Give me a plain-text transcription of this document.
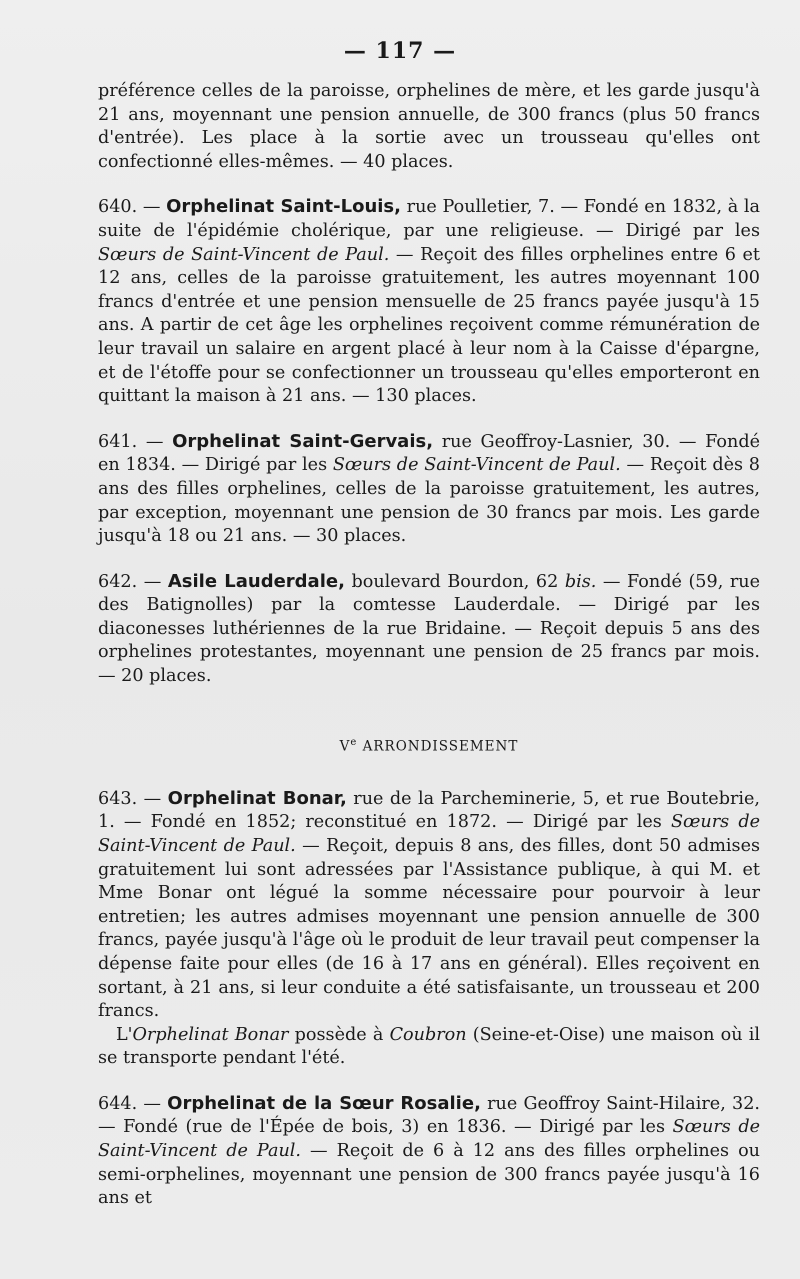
— 117 —

préférence celles de la paroisse, orphelines de mère, et les garde jusqu'à 21 ans, moyennant une pension annuelle, de 300 francs (plus 50 francs d'entrée). Les place à la sortie avec un trousseau qu'elles ont confectionné elles-mêmes. — 40 places.

640. — Orphelinat Saint-Louis, rue Poulletier, 7. — Fondé en 1832, à la suite de l'épidémie cholérique, par une religieuse. — Dirigé par les Sœurs de Saint-Vincent de Paul. — Reçoit des filles orphelines entre 6 et 12 ans, celles de la paroisse gratuitement, les autres moyennant 100 francs d'entrée et une pension mensuelle de 25 francs payée jusqu'à 15 ans. A partir de cet âge les orphelines reçoivent comme rémunération de leur travail un salaire en argent placé à leur nom à la Caisse d'épargne, et de l'étoffe pour se confectionner un trousseau qu'elles emporteront en quittant la maison à 21 ans. — 130 places.

641. — Orphelinat Saint-Gervais, rue Geoffroy-Lasnier, 30. — Fondé en 1834. — Dirigé par les Sœurs de Saint-Vincent de Paul. — Reçoit dès 8 ans des filles orphelines, celles de la paroisse gratuitement, les autres, par exception, moyennant une pension de 30 francs par mois. Les garde jusqu'à 18 ou 21 ans. — 30 places.

642. — Asile Lauderdale, boulevard Bourdon, 62 bis. — Fondé (59, rue des Batignolles) par la comtesse Lauderdale. — Dirigé par les diaconesses luthériennes de la rue Bridaine. — Reçoit depuis 5 ans des orphelines protestantes, moyennant une pension de 25 francs par mois. — 20 places.

Ve ARRONDISSEMENT

643. — Orphelinat Bonar, rue de la Parcheminerie, 5, et rue Boutebrie, 1. — Fondé en 1852; reconstitué en 1872. — Dirigé par les Sœurs de Saint-Vincent de Paul. — Reçoit, depuis 8 ans, des filles, dont 50 admises gratuitement lui sont adressées par l'Assistance publique, à qui M. et Mme Bonar ont légué la somme nécessaire pour pourvoir à leur entretien; les autres admises moyennant une pension annuelle de 300 francs, payée jusqu'à l'âge où le produit de leur travail peut compenser la dépense faite pour elles (de 16 à 17 ans en général). Elles reçoivent en sortant, à 21 ans, si leur conduite a été satisfaisante, un trousseau et 200 francs.

L'Orphelinat Bonar possède à Coubron (Seine-et-Oise) une maison où il se transporte pendant l'été.

644. — Orphelinat de la Sœur Rosalie, rue Geoffroy Saint-Hilaire, 32. — Fondé (rue de l'Épée de bois, 3) en 1836. — Dirigé par les Sœurs de Saint-Vincent de Paul. — Reçoit de 6 à 12 ans des filles orphelines ou semi-orphelines, moyennant une pension de 300 francs payée jusqu'à 16 ans et
